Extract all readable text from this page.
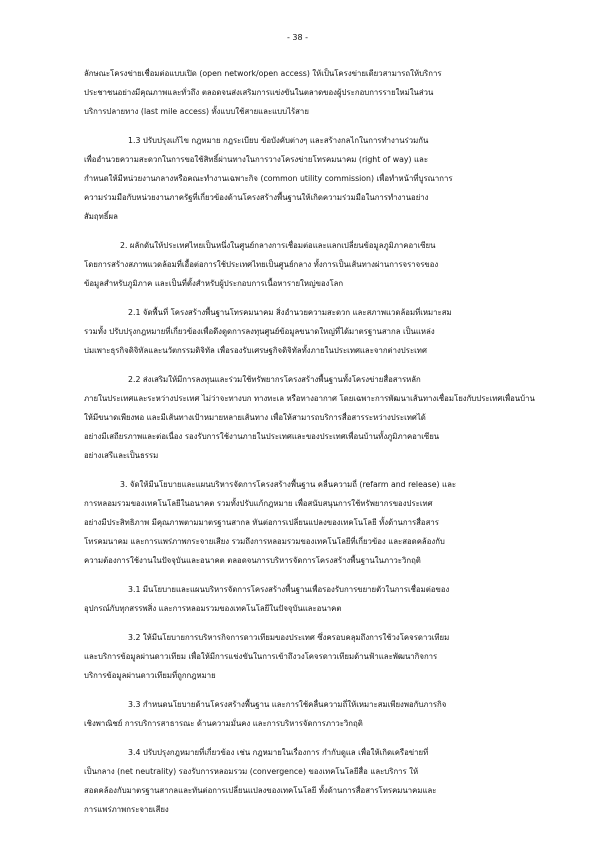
- 38 -

ลักษณะโครงข่ายเชื่อมต่อแบบเปิด (open network/open access) ให้เป็นโครงข่ายเดียวสามารถให้บริการ
ประชาชนอย่างมีคุณภาพและทั่วถึง ตลอดจนส่งเสริมการแข่งขันในตลาดของผู้ประกอบการรายใหม่ในส่วน
บริการปลายทาง (last mile access) ทั้งแบบใช้สายและแบบไร้สาย

1.3 ปรับปรุงแก้ไข กฎหมาย กฎระเบียบ ข้อบังคับต่างๆ และสร้างกลไกในการทำงานร่วมกัน
เพื่ออำนวยความสะดวกในการขอใช้สิทธิ์ผ่านทางในการวางโครงข่ายโทรคมนาคม (right of way) และ
กำหนดให้มีหน่วยงานกลางหรือคณะทำงานเฉพาะกิจ (common utility commission) เพื่อทำหน้าที่บูรณาการ
ความร่วมมือกับหน่วยงานภาครัฐที่เกี่ยวข้องด้านโครงสร้างพื้นฐานให้เกิดความร่วมมือในการทำงานอย่าง
สัมฤทธิ์ผล

2. ผลักดันให้ประเทศไทยเป็นหนึ่งในศูนย์กลางการเชื่อมต่อและแลกเปลี่ยนข้อมูลภูมิภาคอาเซียน
โดยการสร้างสภาพแวดล้อมที่เอื้อต่อการใช้ประเทศไทยเป็นศูนย์กลาง ทั้งการเป็นเส้นทางผ่านการจราจรของ
ข้อมูลสำหรับภูมิภาค และเป็นที่ตั้งสำหรับผู้ประกอบการเนื้อหารายใหญ่ของโลก

2.1 จัดพื้นที่ โครงสร้างพื้นฐานโทรคมนาคม สิ่งอำนวยความสะดวก และสภาพแวดล้อมที่เหมาะสม
รวมทั้ง ปรับปรุงกฎหมายที่เกี่ยวข้องเพื่อดึงดูดการลงทุนศูนย์ข้อมูลขนาดใหญ่ที่ได้มาตรฐานสากล เป็นแหล่ง
บ่มเพาะธุรกิจดิจิทัลและนวัตกรรมดิจิทัล เพื่อรองรับเศรษฐกิจดิจิทัลทั้งภายในประเทศและจากต่างประเทศ

2.2 ส่งเสริมให้มีการลงทุนและร่วมใช้ทรัพยากรโครงสร้างพื้นฐานทั้งโครงข่ายสื่อสารหลัก
ภายในประเทศและระหว่างประเทศ ไม่ว่าจะทางบก ทางทะเล หรือทางอากาศ โดยเฉพาะการพัฒนาเส้นทางเชื่อมโยงกับประเทศเพื่อนบ้าน
ให้มีขนาดเพียงพอ และมีเส้นทางเป้าหมายหลายเส้นทาง เพื่อให้สามารถบริการสื่อสารระหว่างประเทศได้
อย่างมีเสถียรภาพและต่อเนื่อง รองรับการใช้งานภายในประเทศและของประเทศเพื่อนบ้านทั้งภูมิภาคอาเซียน
อย่างเสรีและเป็นธรรม

3. จัดให้มีนโยบายและแผนบริหารจัดการโครงสร้างพื้นฐาน คลื่นความถี่ (refarm and release) และ
การหลอมรวมของเทคโนโลยีในอนาคต รวมทั้งปรับแก้กฎหมาย เพื่อสนับสนุนการใช้ทรัพยากรของประเทศ
อย่างมีประสิทธิภาพ มีคุณภาพตามมาตรฐานสากล ทันต่อการเปลี่ยนแปลงของเทคโนโลยี ทั้งด้านการสื่อสาร
โทรคมนาคม และการแพร่ภาพกระจายเสียง รวมถึงการหลอมรวมของเทคโนโลยีที่เกี่ยวข้อง และสอดคล้องกับ
ความต้องการใช้งานในปัจจุบันและอนาคต ตลอดจนการบริหารจัดการโครงสร้างพื้นฐานในภาวะวิกฤติ

3.1 มีนโยบายและแผนบริหารจัดการโครงสร้างพื้นฐานเพื่อรองรับการขยายตัวในการเชื่อมต่อของ
อุปกรณ์กับทุกสรรพสิ่ง และการหลอมรวมของเทคโนโลยีในปัจจุบันและอนาคต

3.2 ให้มีนโยบายการบริหารกิจการดาวเทียมของประเทศ ซึ่งครอบคลุมถึงการใช้วงโคจรดาวเทียม
และบริการข้อมูลผ่านดาวเทียม เพื่อให้มีการแข่งขันในการเข้าถึงวงโคจรดาวเทียมด้านฟ้าและพัฒนากิจการ
บริการข้อมูลผ่านดาวเทียมที่ถูกกฎหมาย

3.3 กำหนดนโยบายด้านโครงสร้างพื้นฐาน และการใช้คลื่นความถี่ให้เหมาะสมเพียงพอกับภารกิจ
เชิงพาณิชย์ การบริการสาธารณะ ด้านความมั่นคง และการบริหารจัดการภาวะวิกฤติ

3.4 ปรับปรุงกฎหมายที่เกี่ยวข้อง เช่น กฎหมายในเรื่องการ กำกับดูแล เพื่อให้เกิดเครือข่ายที่
เป็นกลาง (net neutrality) รองรับการหลอมรวม (convergence) ของเทคโนโลยีสื่อ และบริการ ให้
สอดคล้องกับมาตรฐานสากลและทันต่อการเปลี่ยนแปลงของเทคโนโลยี ทั้งด้านการสื่อสารโทรคมนาคมและ
การแพร่ภาพกระจายเสียง
